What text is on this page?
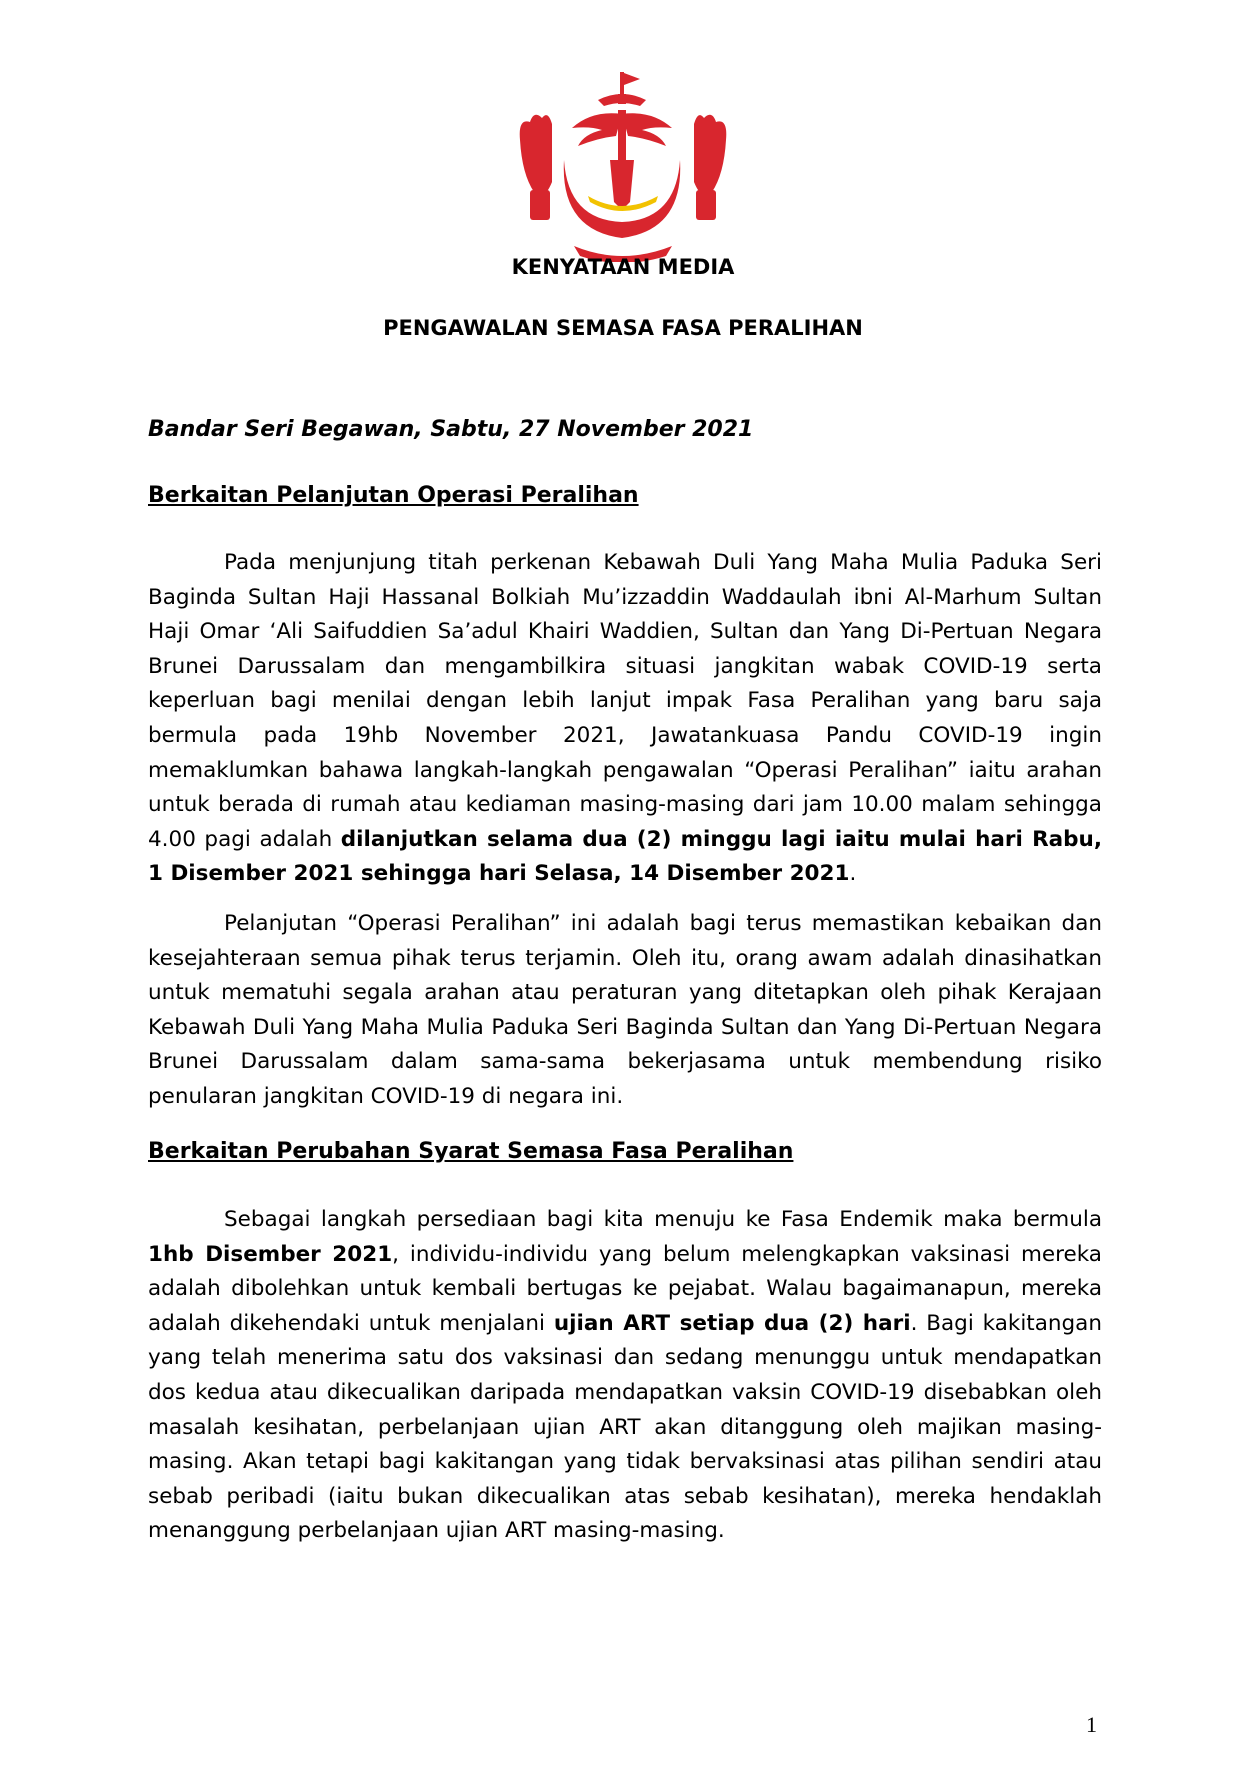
KENYATAAN MEDIA
PENGAWALAN SEMASA FASA PERALIHAN
Bandar Seri Begawan, Sabtu, 27 November 2021
Berkaitan Pelanjutan Operasi Peralihan

Pada menjunjung titah perkenan Kebawah Duli Yang Maha Mulia Paduka Seri Baginda Sultan Haji Hassanal Bolkiah Mu’izzaddin Waddaulah ibni Al-Marhum Sultan Haji Omar ‘Ali Saifuddien Sa’adul Khairi Waddien, Sultan dan Yang Di-Pertuan Negara Brunei Darussalam dan mengambilkira situasi jangkitan wabak COVID-19 serta keperluan bagi menilai dengan lebih lanjut impak Fasa Peralihan yang baru saja bermula pada 19hb November 2021, Jawatankuasa Pandu COVID-19 ingin memaklumkan bahawa langkah-langkah pengawalan “Operasi Peralihan” iaitu arahan untuk berada di rumah atau kediaman masing-masing dari jam 10.00 malam sehingga 4.00 pagi adalah dilanjutkan selama dua (2) minggu lagi iaitu mulai hari Rabu, 1 Disember 2021 sehingga hari Selasa, 14 Disember 2021.

Pelanjutan “Operasi Peralihan” ini adalah bagi terus memastikan kebaikan dan kesejahteraan semua pihak terus terjamin. Oleh itu, orang awam adalah dinasihatkan untuk mematuhi segala arahan atau peraturan yang ditetapkan oleh pihak Kerajaan Kebawah Duli Yang Maha Mulia Paduka Seri Baginda Sultan dan Yang Di-Pertuan Negara Brunei Darussalam dalam sama-sama bekerjasama untuk membendung risiko penularan jangkitan COVID-19 di negara ini.

Berkaitan Perubahan Syarat Semasa Fasa Peralihan

Sebagai langkah persediaan bagi kita menuju ke Fasa Endemik maka bermula 1hb Disember 2021, individu-individu yang belum melengkapkan vaksinasi mereka adalah dibolehkan untuk kembali bertugas ke pejabat. Walau bagaimanapun, mereka adalah dikehendaki untuk menjalani ujian ART setiap dua (2) hari. Bagi kakitangan yang telah menerima satu dos vaksinasi dan sedang menunggu untuk mendapatkan dos kedua atau dikecualikan daripada mendapatkan vaksin COVID-19 disebabkan oleh masalah kesihatan, perbelanjaan ujian ART akan ditanggung oleh majikan masing-masing. Akan tetapi bagi kakitangan yang tidak bervaksinasi atas pilihan sendiri atau sebab peribadi (iaitu bukan dikecualikan atas sebab kesihatan), mereka hendaklah menanggung perbelanjaan ujian ART masing-masing.

1
